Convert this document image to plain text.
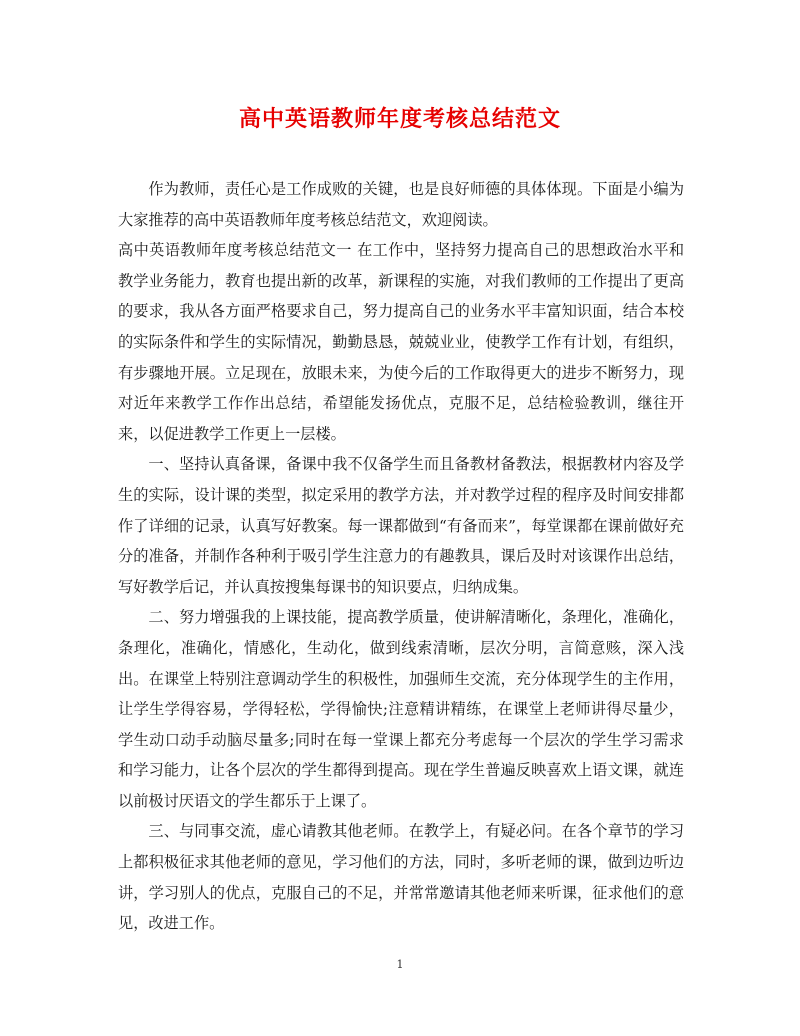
高中英语教师年度考核总结范文

作为教师，责任心是工作成败的关键，也是良好师德的具体体现。下面是小编为大家推荐的高中英语教师年度考核总结范文，欢迎阅读。

高中英语教师年度考核总结范文一 在工作中，坚持努力提高自己的思想政治水平和教学业务能力，教育也提出新的改革，新课程的实施，对我们教师的工作提出了更高的要求，我从各方面严格要求自己，努力提高自己的业务水平丰富知识面，结合本校的实际条件和学生的实际情况，勤勤恳恳，兢兢业业，使教学工作有计划，有组织，有步骤地开展。立足现在，放眼未来，为使今后的工作取得更大的进步不断努力，现对近年来教学工作作出总结，希望能发扬优点，克服不足，总结检验教训，继往开来，以促进教学工作更上一层楼。

一、坚持认真备课，备课中我不仅备学生而且备教材备教法，根据教材内容及学生的实际，设计课的类型，拟定采用的教学方法，并对教学过程的程序及时间安排都作了详细的记录，认真写好教案。每一课都做到“有备而来”，每堂课都在课前做好充分的准备，并制作各种利于吸引学生注意力的有趣教具，课后及时对该课作出总结，写好教学后记，并认真按搜集每课书的知识要点，归纳成集。

二、努力增强我的上课技能，提高教学质量，使讲解清晰化，条理化，准确化，条理化，准确化，情感化，生动化，做到线索清晰，层次分明，言简意赅，深入浅出。在课堂上特别注意调动学生的积极性，加强师生交流，充分体现学生的主作用，让学生学得容易，学得轻松，学得愉快;注意精讲精练，在课堂上老师讲得尽量少，学生动口动手动脑尽量多;同时在每一堂课上都充分考虑每一个层次的学生学习需求和学习能力，让各个层次的学生都得到提高。现在学生普遍反映喜欢上语文课，就连以前极讨厌语文的学生都乐于上课了。

三、与同事交流，虚心请教其他老师。在教学上，有疑必问。在各个章节的学习上都积极征求其他老师的意见，学习他们的方法，同时，多听老师的课，做到边听边讲，学习别人的优点，克服自己的不足，并常常邀请其他老师来听课，征求他们的意见，改进工作。

1
